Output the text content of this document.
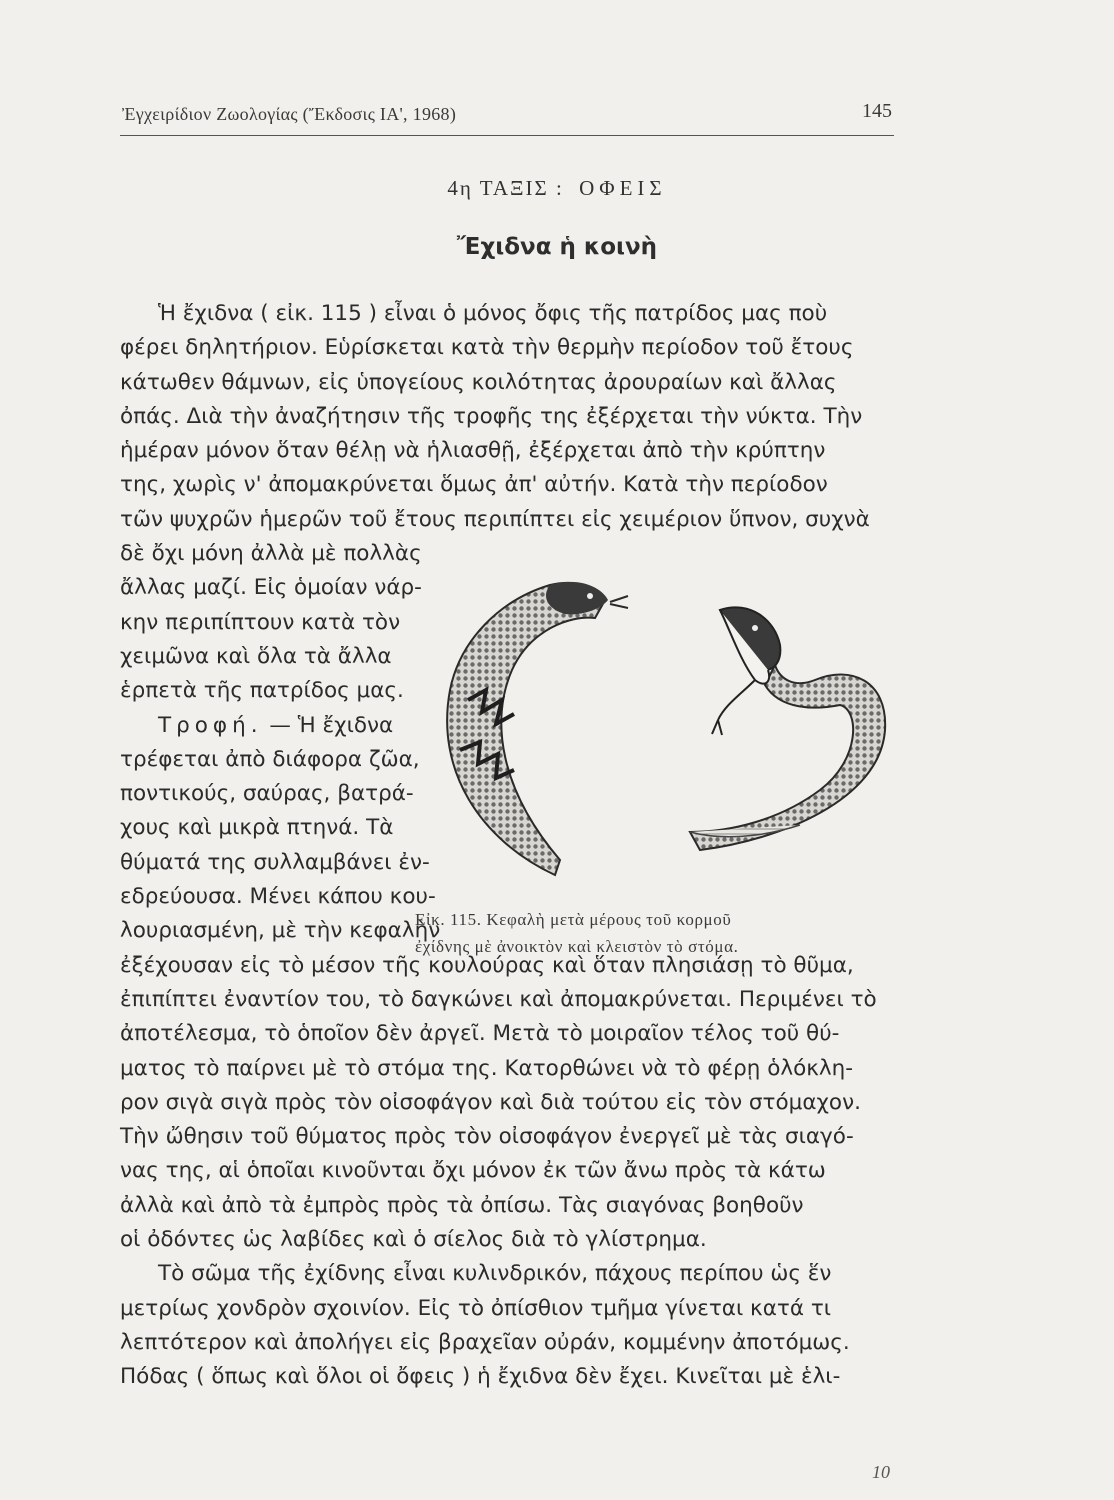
Ἐγχειρίδιον Ζωολογίας (Ἔκδοσις ΙΑ', 1968)	145
4η ΤΑΞΙΣ : ΟΦΕΙΣ
Ἔχιδνα ἡ κοινὴ
Ἡ ἔχιδνα ( εἰκ. 115 ) εἶναι ὁ μόνος ὄφις τῆς πατρίδος μας ποὺ
φέρει δηλητήριον. Εὑρίσκεται κατὰ τὴν θερμὴν περίοδον τοῦ ἔτους
κάτωθεν θάμνων, εἰς ὑπογείους κοιλότητας ἀρουραίων καὶ ἄλλας
ὀπάς. Διὰ τὴν ἀναζήτησιν τῆς τροφῆς της ἐξέρχεται τὴν νύκτα. Τὴν
ἡμέραν μόνον ὅταν θέλῃ νὰ ἡλιασθῇ, ἐξέρχεται ἀπὸ τὴν κρύπτην
της, χωρὶς ν' ἀπομακρύνεται ὅμως ἀπ' αὐτήν. Κατὰ τὴν περίοδον
τῶν ψυχρῶν ἡμερῶν τοῦ ἔτους περιπίπτει εἰς χειμέριον ὕπνον, συχνὰ
δὲ ὄχι μόνη ἀλλὰ μὲ πολλὰς
ἄλλας μαζί. Εἰς ὁμοίαν νάρ-
κην περιπίπτουν κατὰ τὸν
χειμῶνα καὶ ὅλα τὰ ἄλλα
ἑρπετὰ τῆς πατρίδος μας.
Τροφή. — Ἡ ἔχιδνα
τρέφεται ἀπὸ διάφορα ζῶα,
ποντικούς, σαύρας, βατρά-
χους καὶ μικρὰ πτηνά. Τὰ
θύματά της συλλαμβάνει ἐν-
εδρεύουσα. Μένει κάπου κου-
λουριασμένη, μὲ τὴν κεφαλὴν
ἐξέχουσαν εἰς τὸ μέσον τῆς κουλούρας καὶ ὅταν πλησιάσῃ τὸ θῦμα,
ἐπιπίπτει ἐναντίον του, τὸ δαγκώνει καὶ ἀπομακρύνεται. Περιμένει τὸ
ἀποτέλεσμα, τὸ ὁποῖον δὲν ἀργεῖ. Μετὰ τὸ μοιραῖον τέλος τοῦ θύ-
ματος τὸ παίρνει μὲ τὸ στόμα της. Κατορθώνει νὰ τὸ φέρῃ ὁλόκλη-
ρον σιγὰ σιγὰ πρὸς τὸν οἰσοφάγον καὶ διὰ τούτου εἰς τὸν στόμαχον.
Τὴν ὤθησιν τοῦ θύματος πρὸς τὸν οἰσοφάγον ἐνεργεῖ μὲ τὰς σιαγό-
νας της, αἱ ὁποῖαι κινοῦνται ὄχι μόνον ἐκ τῶν ἄνω πρὸς τὰ κάτω
ἀλλὰ καὶ ἀπὸ τὰ ἐμπρὸς πρὸς τὰ ὀπίσω. Τὰς σιαγόνας βοηθοῦν
οἱ ὀδόντες ὡς λαβίδες καὶ ὁ σίελος διὰ τὸ γλίστρημα.
Τὸ σῶμα τῆς ἐχίδνης εἶναι κυλινδρικόν, πάχους περίπου ὡς ἕν
μετρίως χονδρὸν σχοινίον. Εἰς τὸ ὀπίσθιον τμῆμα γίνεται κατά τι
λεπτότερον καὶ ἀπολήγει εἰς βραχεῖαν οὐράν, κομμένην ἀποτόμως.
Πόδας ( ὅπως καὶ ὅλοι οἱ ὄφεις ) ἡ ἔχιδνα δὲν ἔχει. Κινεῖται μὲ ἑλι-
Εἰκ. 115. Κεφαλὴ μετὰ μέρους τοῦ κορμοῦ
ἐχίδνης μὲ ἀνοικτὸν καὶ κλειστὸν τὸ στόμα.
10
